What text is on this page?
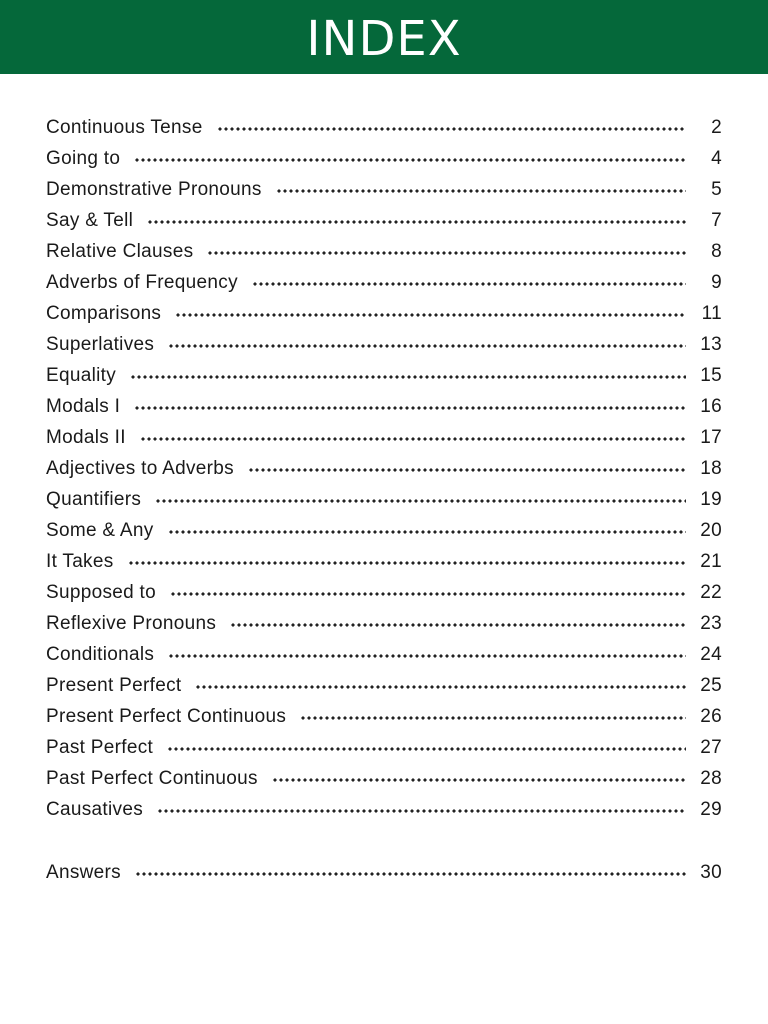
INDEX
Continuous Tense	2
Going to	4
Demonstrative Pronouns	5
Say & Tell	7
Relative Clauses	8
Adverbs of Frequency	9
Comparisons	11
Superlatives	13
Equality	15
Modals I	16
Modals II	17
Adjectives to Adverbs	18
Quantifiers	19
Some & Any	20
It Takes	21
Supposed to	22
Reflexive Pronouns	23
Conditionals	24
Present Perfect	25
Present Perfect Continuous	26
Past Perfect	27
Past Perfect Continuous	28
Causatives	29
Answers	30
